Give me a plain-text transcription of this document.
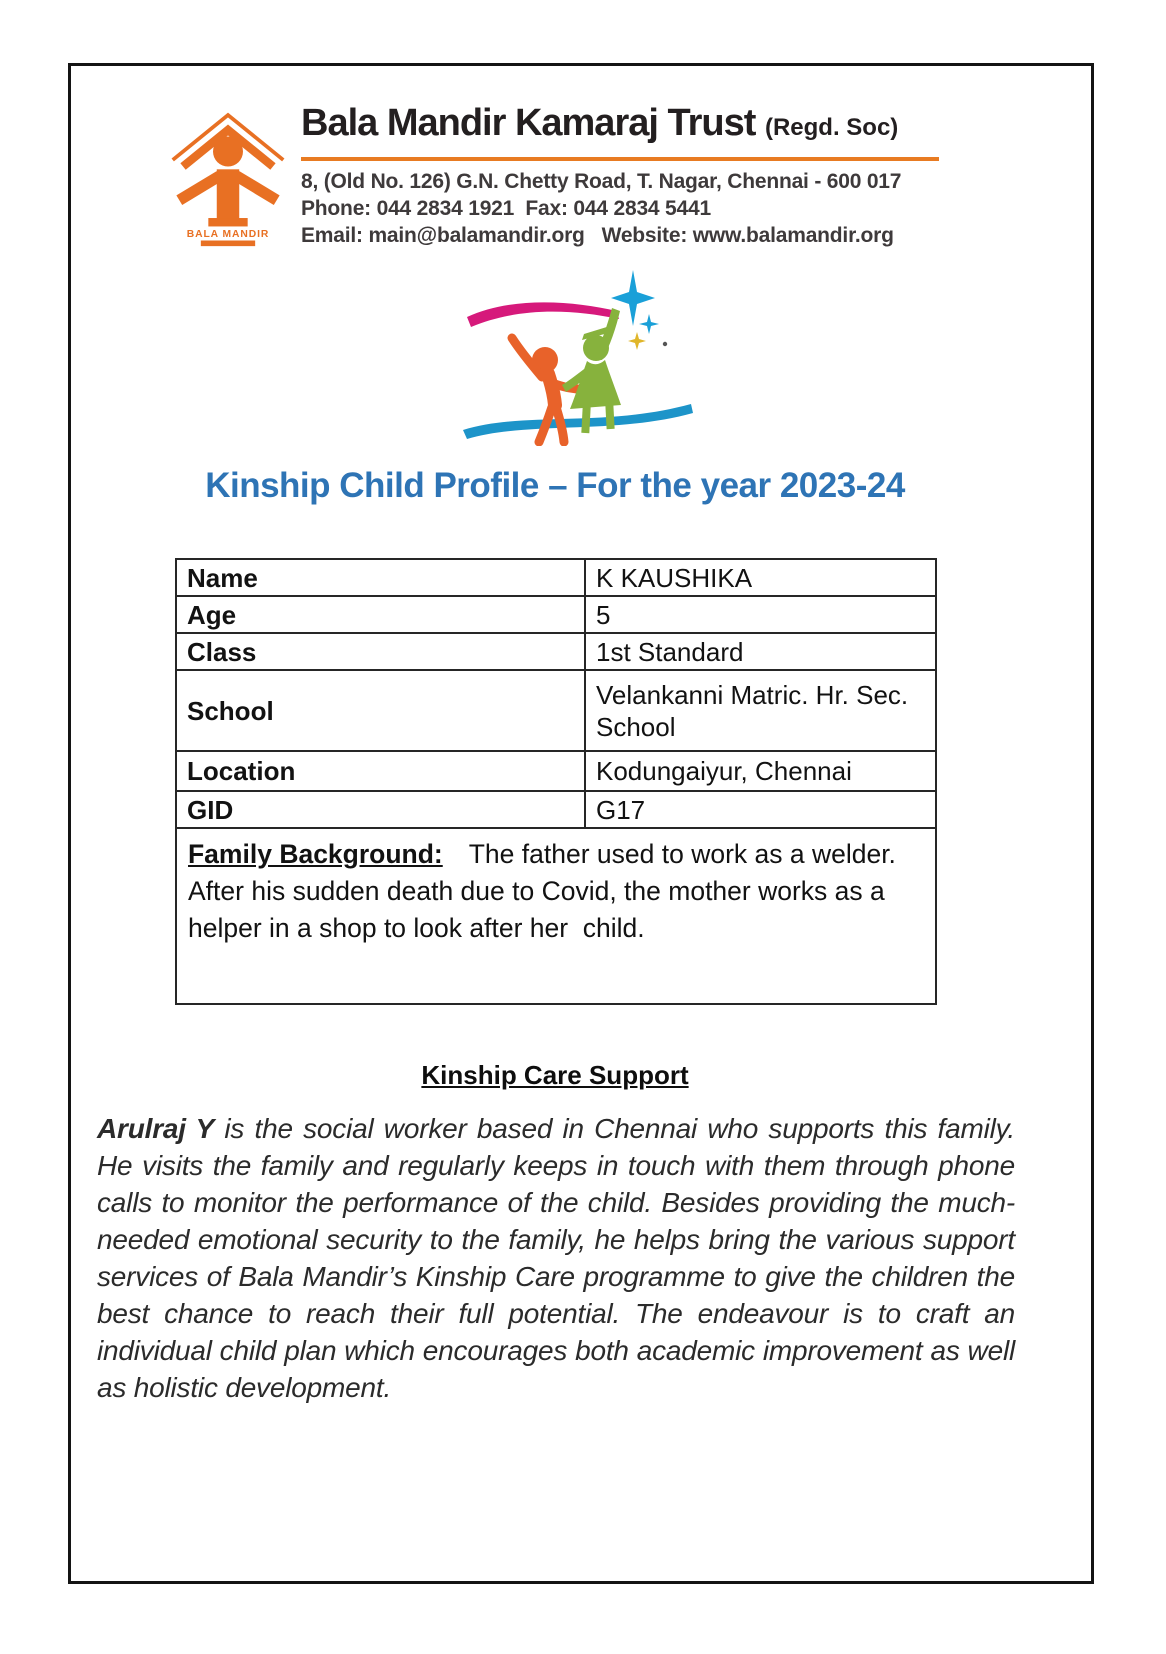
BALA MANDIR
Bala Mandir Kamaraj Trust (Regd. Soc)
8, (Old No. 126) G.N. Chetty Road, T. Nagar, Chennai - 600 017
Phone: 044 2834 1921  Fax: 044 2834 5441
Email: main@balamandir.org   Website: www.balamandir.org
Kinship Child Profile – For the year 2023-24
Name	K KAUSHIKA
Age	5
Class	1st Standard
School	Velankanni Matric. Hr. Sec. School
Location	Kodungaiyur, Chennai
GID	G17
Family Background: The father used to work as a welder. After his sudden death due to Covid, the mother works as a helper in a shop to look after her  child.	
Kinship Care Support

Arulraj Y is the social worker based in Chennai who supports this family. He visits the family and regularly keeps in touch with them through phone calls to monitor the performance of the child. Besides providing the much-needed emotional security to the family, he helps bring the various support services of Bala Mandir’s Kinship Care programme to give the children the best chance to reach their full potential. The endeavour is to craft an individual child plan which encourages both academic improvement as well as holistic development.
